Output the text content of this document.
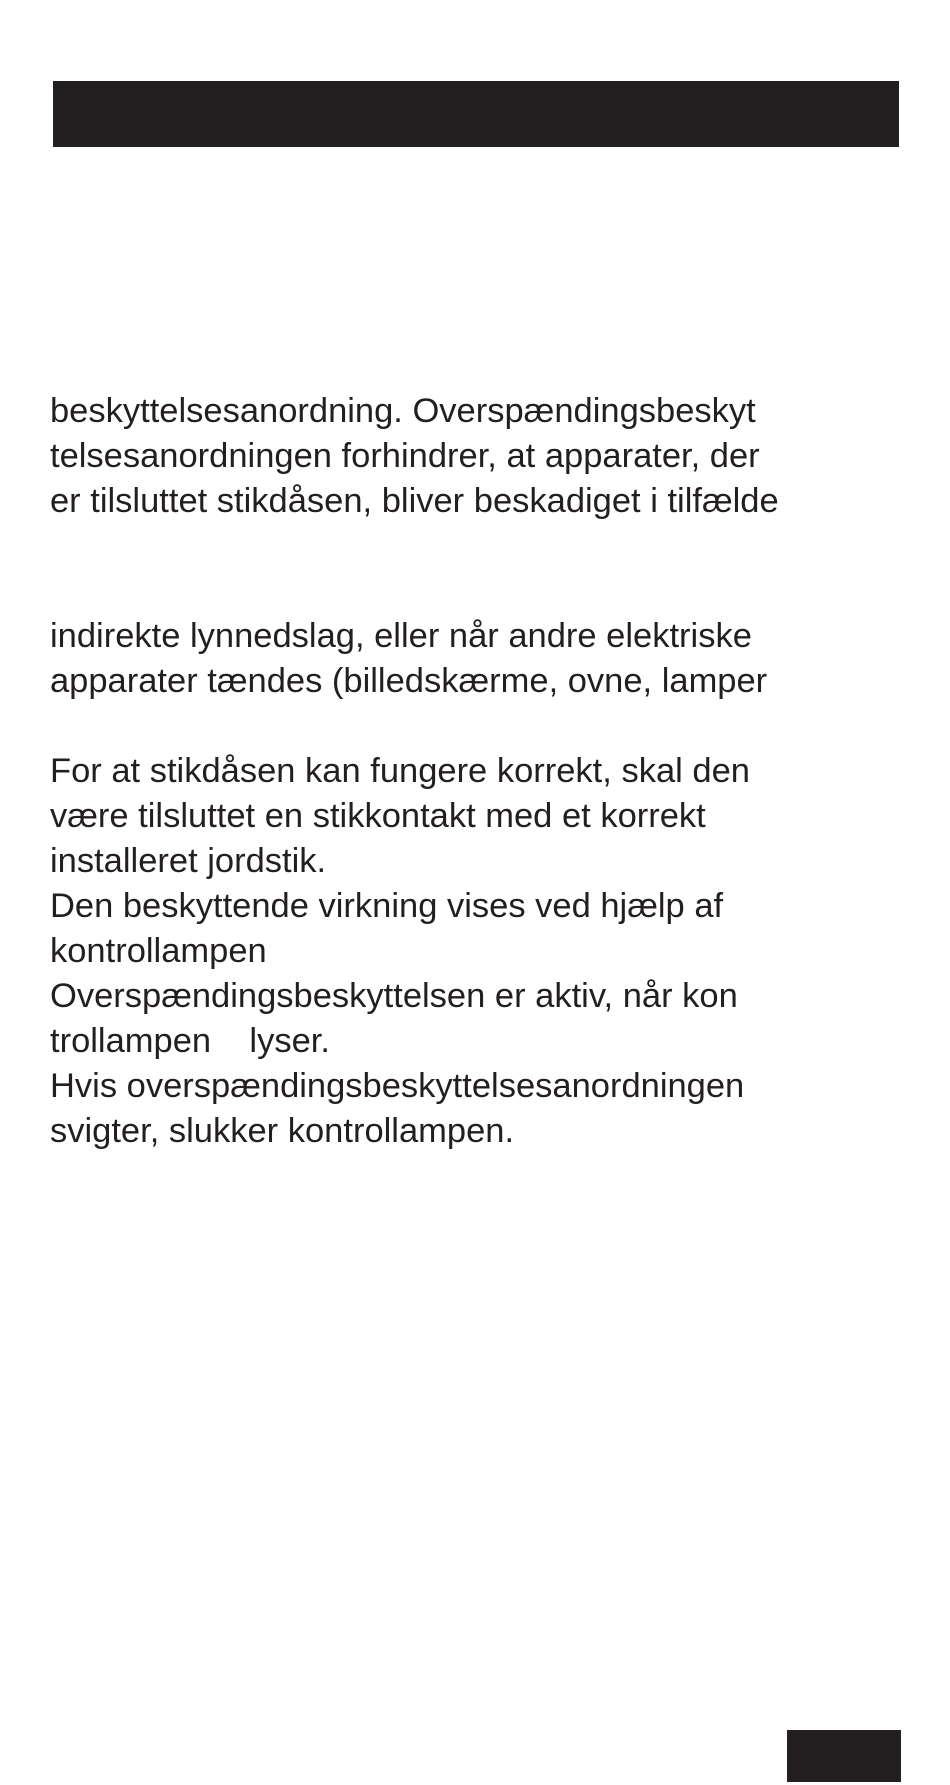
beskyttelsesanordning. Overspændingsbeskyt
telsesanordningen forhindrer, at apparater, der
er tilsluttet stikdåsen, bliver beskadiget i tilfælde
indirekte lynnedslag, eller når andre elektriske
apparater tændes (billedskærme, ovne, lamper
For at stikdåsen kan fungere korrekt, skal den
være tilsluttet en stikkontakt med et korrekt
installeret jordstik.
Den beskyttende virkning vises ved hjælp af
kontrollampen
Overspændingsbeskyttelsen er aktiv, når kon
trollampen    lyser.
Hvis overspændingsbeskyttelsesanordningen
svigter, slukker kontrollampen.
